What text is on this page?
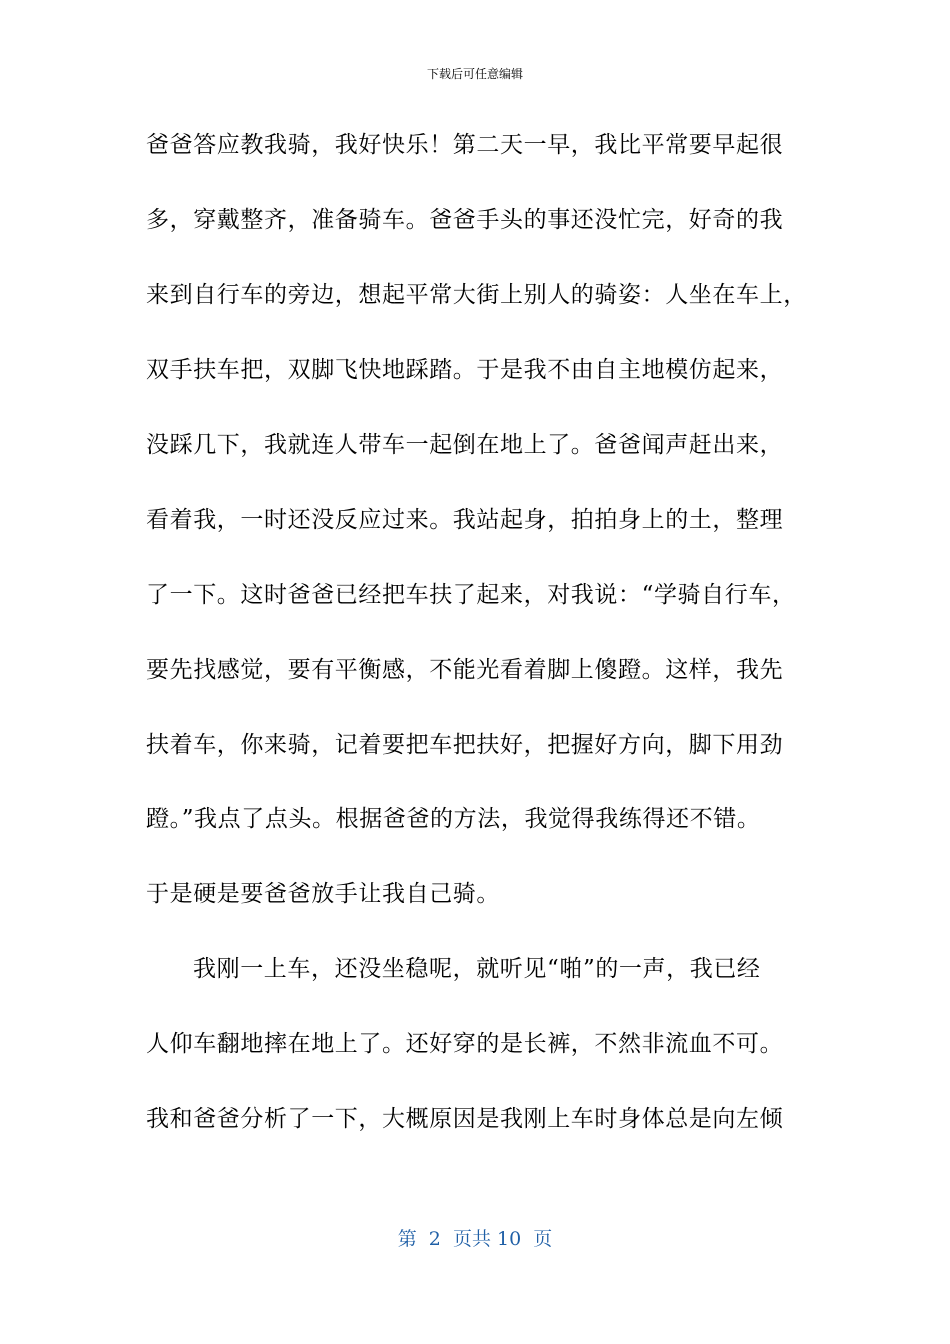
下载后可任意编辑
爸爸答应教我骑，我好快乐！第二天一早，我比平常要早起很
多，穿戴整齐，准备骑车。爸爸手头的事还没忙完，好奇的我
来到自行车的旁边，想起平常大街上别人的骑姿：人坐在车上，
双手扶车把，双脚飞快地踩踏。于是我不由自主地模仿起来，
没踩几下，我就连人带车一起倒在地上了。爸爸闻声赶出来，
看着我，一时还没反应过来。我站起身，拍拍身上的土，整理
了一下。这时爸爸已经把车扶了起来，对我说：“学骑自行车，
要先找感觉，要有平衡感，不能光看着脚上傻蹬。这样，我先
扶着车，你来骑，记着要把车把扶好，把握好方向，脚下用劲
蹬。”我点了点头。根据爸爸的方法，我觉得我练得还不错。
于是硬是要爸爸放手让我自己骑。
我刚一上车，还没坐稳呢，就听见“啪”的一声，我已经
人仰车翻地摔在地上了。还好穿的是长裤，不然非流血不可。
我和爸爸分析了一下，大概原因是我刚上车时身体总是向左倾
第  2  页共 10  页
